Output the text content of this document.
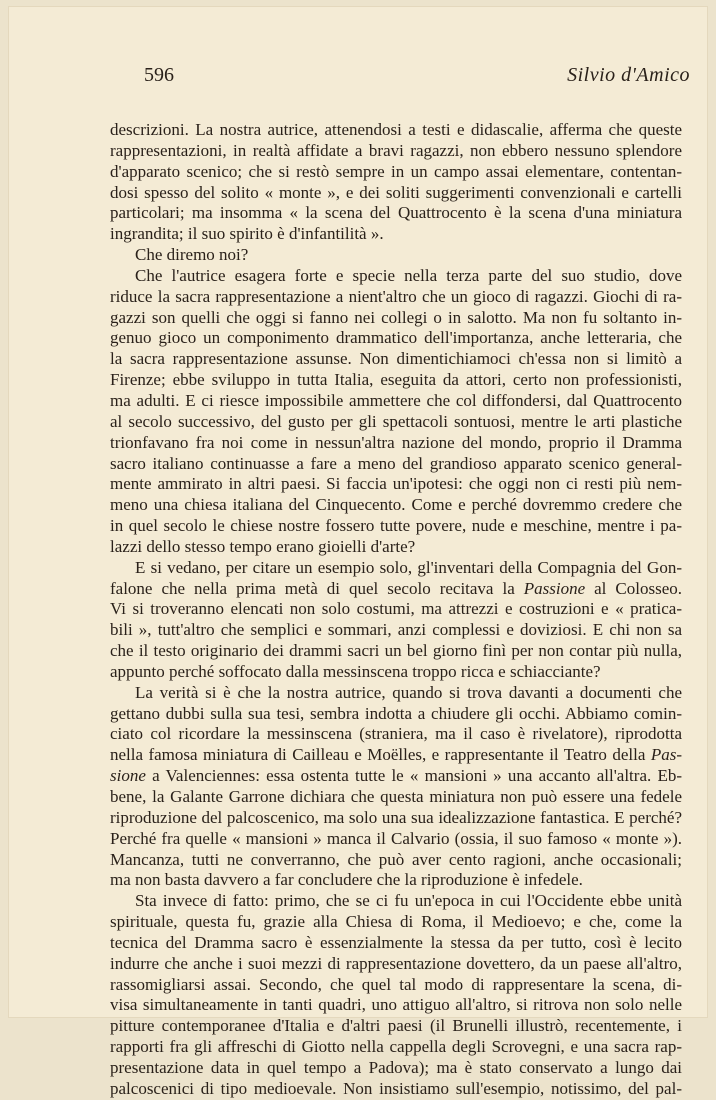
596	Silvio d'Amico
descrizioni. La nostra autrice, attenendosi a testi e didascalie, afferma che queste
rappresentazioni, in realtà affidate a bravi ragazzi, non ebbero nessuno splendore
d'apparato scenico; che si restò sempre in un campo assai elementare, contentan-
dosi spesso del solito « monte », e dei soliti suggerimenti convenzionali e cartelli
particolari; ma insomma « la scena del Quattrocento è la scena d'una miniatura
ingrandita; il suo spirito è d'infantilità ».
Che diremo noi?
Che l'autrice esagera forte e specie nella terza parte del suo studio, dove
riduce la sacra rappresentazione a nient'altro che un gioco di ragazzi. Giochi di ra-
gazzi son quelli che oggi si fanno nei collegi o in salotto. Ma non fu soltanto in-
genuo gioco un componimento drammatico dell'importanza, anche letteraria, che
la sacra rappresentazione assunse. Non dimentichiamoci ch'essa non si limitò a
Firenze; ebbe sviluppo in tutta Italia, eseguita da attori, certo non professionisti,
ma adulti. E ci riesce impossibile ammettere che col diffondersi, dal Quattrocento
al secolo successivo, del gusto per gli spettacoli sontuosi, mentre le arti plastiche
trionfavano fra noi come in nessun'altra nazione del mondo, proprio il Dramma
sacro italiano continuasse a fare a meno del grandioso apparato scenico general-
mente ammirato in altri paesi. Si faccia un'ipotesi: che oggi non ci resti più nem-
meno una chiesa italiana del Cinquecento. Come e perché dovremmo credere che
in quel secolo le chiese nostre fossero tutte povere, nude e meschine, mentre i pa-
lazzi dello stesso tempo erano gioielli d'arte?
E si vedano, per citare un esempio solo, gl'inventari della Compagnia del Gon-
falone che nella prima metà di quel secolo recitava la Passione al Colosseo.
Vi si troveranno elencati non solo costumi, ma attrezzi e costruzioni e « pratica-
bili », tutt'altro che semplici e sommari, anzi complessi e doviziosi. E chi non sa
che il testo originario dei drammi sacri un bel giorno finì per non contar più nulla,
appunto perché soffocato dalla messinscena troppo ricca e schiacciante?
La verità si è che la nostra autrice, quando si trova davanti a documenti che
gettano dubbi sulla sua tesi, sembra indotta a chiudere gli occhi. Abbiamo comin-
ciato col ricordare la messinscena (straniera, ma il caso è rivelatore), riprodotta
nella famosa miniatura di Cailleau e Moëlles, e rappresentante il Teatro della Pas-
sione a Valenciennes: essa ostenta tutte le « mansioni » una accanto all'altra. Eb-
bene, la Galante Garrone dichiara che questa miniatura non può essere una fedele
riproduzione del palcoscenico, ma solo una sua idealizzazione fantastica. E perché?
Perché fra quelle « mansioni » manca il Calvario (ossia, il suo famoso « monte »).
Mancanza, tutti ne converranno, che può aver cento ragioni, anche occasionali;
ma non basta davvero a far concludere che la riproduzione è infedele.
Sta invece di fatto: primo, che se ci fu un'epoca in cui l'Occidente ebbe unità
spirituale, questa fu, grazie alla Chiesa di Roma, il Medioevo; e che, come la
tecnica del Dramma sacro è essenzialmente la stessa da per tutto, così è lecito
indurre che anche i suoi mezzi di rappresentazione dovettero, da un paese all'altro,
rassomigliarsi assai. Secondo, che quel tal modo di rappresentare la scena, di-
visa simultaneamente in tanti quadri, uno attiguo all'altro, si ritrova non solo nelle
pitture contemporanee d'Italia e d'altri paesi (il Brunelli illustrò, recentemente, i
rapporti fra gli affreschi di Giotto nella cappella degli Scrovegni, e una sacra rap-
presentazione data in quel tempo a Padova); ma è stato conservato a lungo dai
palcoscenici di tipo medioevale. Non insistiamo sull'esempio, notissimo, del pal-
